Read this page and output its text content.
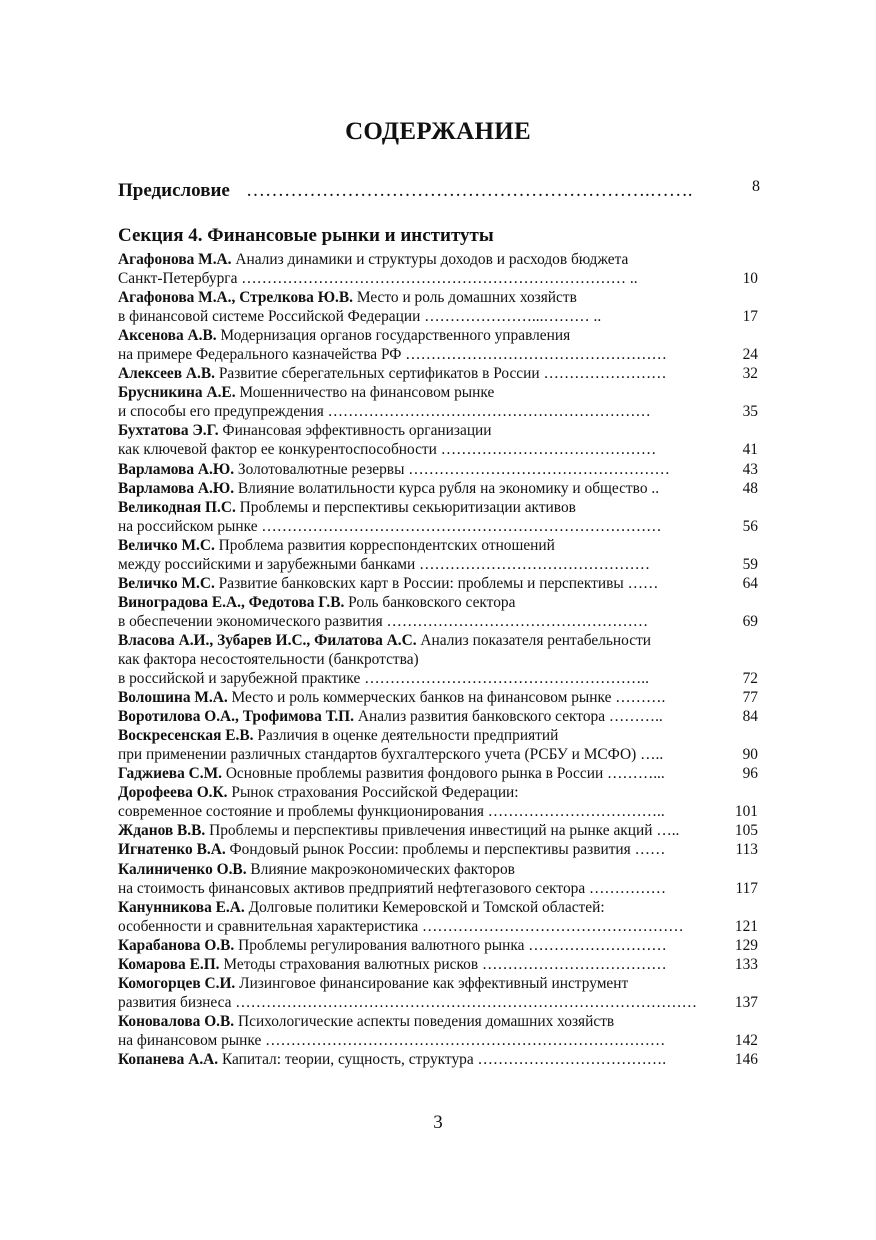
СОДЕРЖАНИЕ
Предисловие ……………………………………………………….…….	8
Секция 4. Финансовые рынки и институты
Агафонова М.А. Анализ динамики и структуры доходов и расходов бюджета
Санкт-Петербурга ………………………………………………………………… ..	10
Агафонова М.А., Стрелкова Ю.В. Место и роль домашних хозяйств
в финансовой системе Российской Федерации …………………...……… ..	17
Аксенова А.В. Модернизация органов государственного управления
на примере Федерального казначейства РФ ……………………………………………	24
Алексеев А.В. Развитие сберегательных сертификатов в России ……………………	32
Брусникина А.Е. Мошенничество на финансовом рынке
и способы его предупреждения ………………………………………………………	35
Бухтатова Э.Г. Финансовая эффективность организации
как ключевой фактор ее конкурентоспособности ……………………………………	41
Варламова А.Ю. Золотовалютные резервы ……………………………………………	43
Варламова А.Ю. Влияние волатильности курса рубля на экономику и общество ..	48
Великодная П.С. Проблемы и перспективы секьюритизации активов
на российском рынке ……………………………………………………………………	56
Величко М.С. Проблема развития корреспондентских отношений
между российскими и зарубежными банками ………………………………………	59
Величко М.С. Развитие банковских карт в России: проблемы и перспективы ……	64
Виноградова Е.А., Федотова Г.В. Роль банковского сектора
в обеспечении экономического развития ……………………………………………	69
Власова А.И., Зубарев И.С., Филатова А.С. Анализ показателя рентабельности
как фактора несостоятельности (банкротства)
в российской и зарубежной практике ………………………………………………..	72
Волошина М.А. Место и роль коммерческих банков на финансовом рынке ……….	77
Воротилова О.А., Трофимова Т.П. Анализ развития банковского сектора ………..	84
Воскресенская Е.В. Различия в оценке деятельности предприятий
при применении различных стандартов бухгалтерского учета (РСБУ и МСФО) …..	90
Гаджиева С.М. Основные проблемы развития фондового рынка в России ………...	96
Дорофеева О.К. Рынок страхования Российской Федерации:
современное состояние и проблемы функционирования ……………………………..	101
Жданов В.В. Проблемы и перспективы привлечения инвестиций на рынке акций …..	105
Игнатенко В.А. Фондовый рынок России: проблемы и перспективы развития ……	113
Калиниченко О.В. Влияние макроэкономических факторов
на стоимость финансовых активов предприятий нефтегазового сектора ……………	117
Канунникова Е.А. Долговые политики Кемеровской и Томской областей:
особенности и сравнительная характеристика ……………………………………………	121
Карабанова О.В. Проблемы регулирования валютного рынка ………………………	129
Комарова Е.П. Методы страхования валютных рисков ………………………………	133
Комогорцев С.И. Лизинговое финансирование как эффективный инструмент
развития бизнеса ………………………………………………………………………………	137
Коновалова О.В. Психологические аспекты поведения домашних хозяйств
на финансовом рынке ……………………………………………………………………	142
Копанева А.А. Капитал: теории, сущность, структура ……………………………….	146
3
